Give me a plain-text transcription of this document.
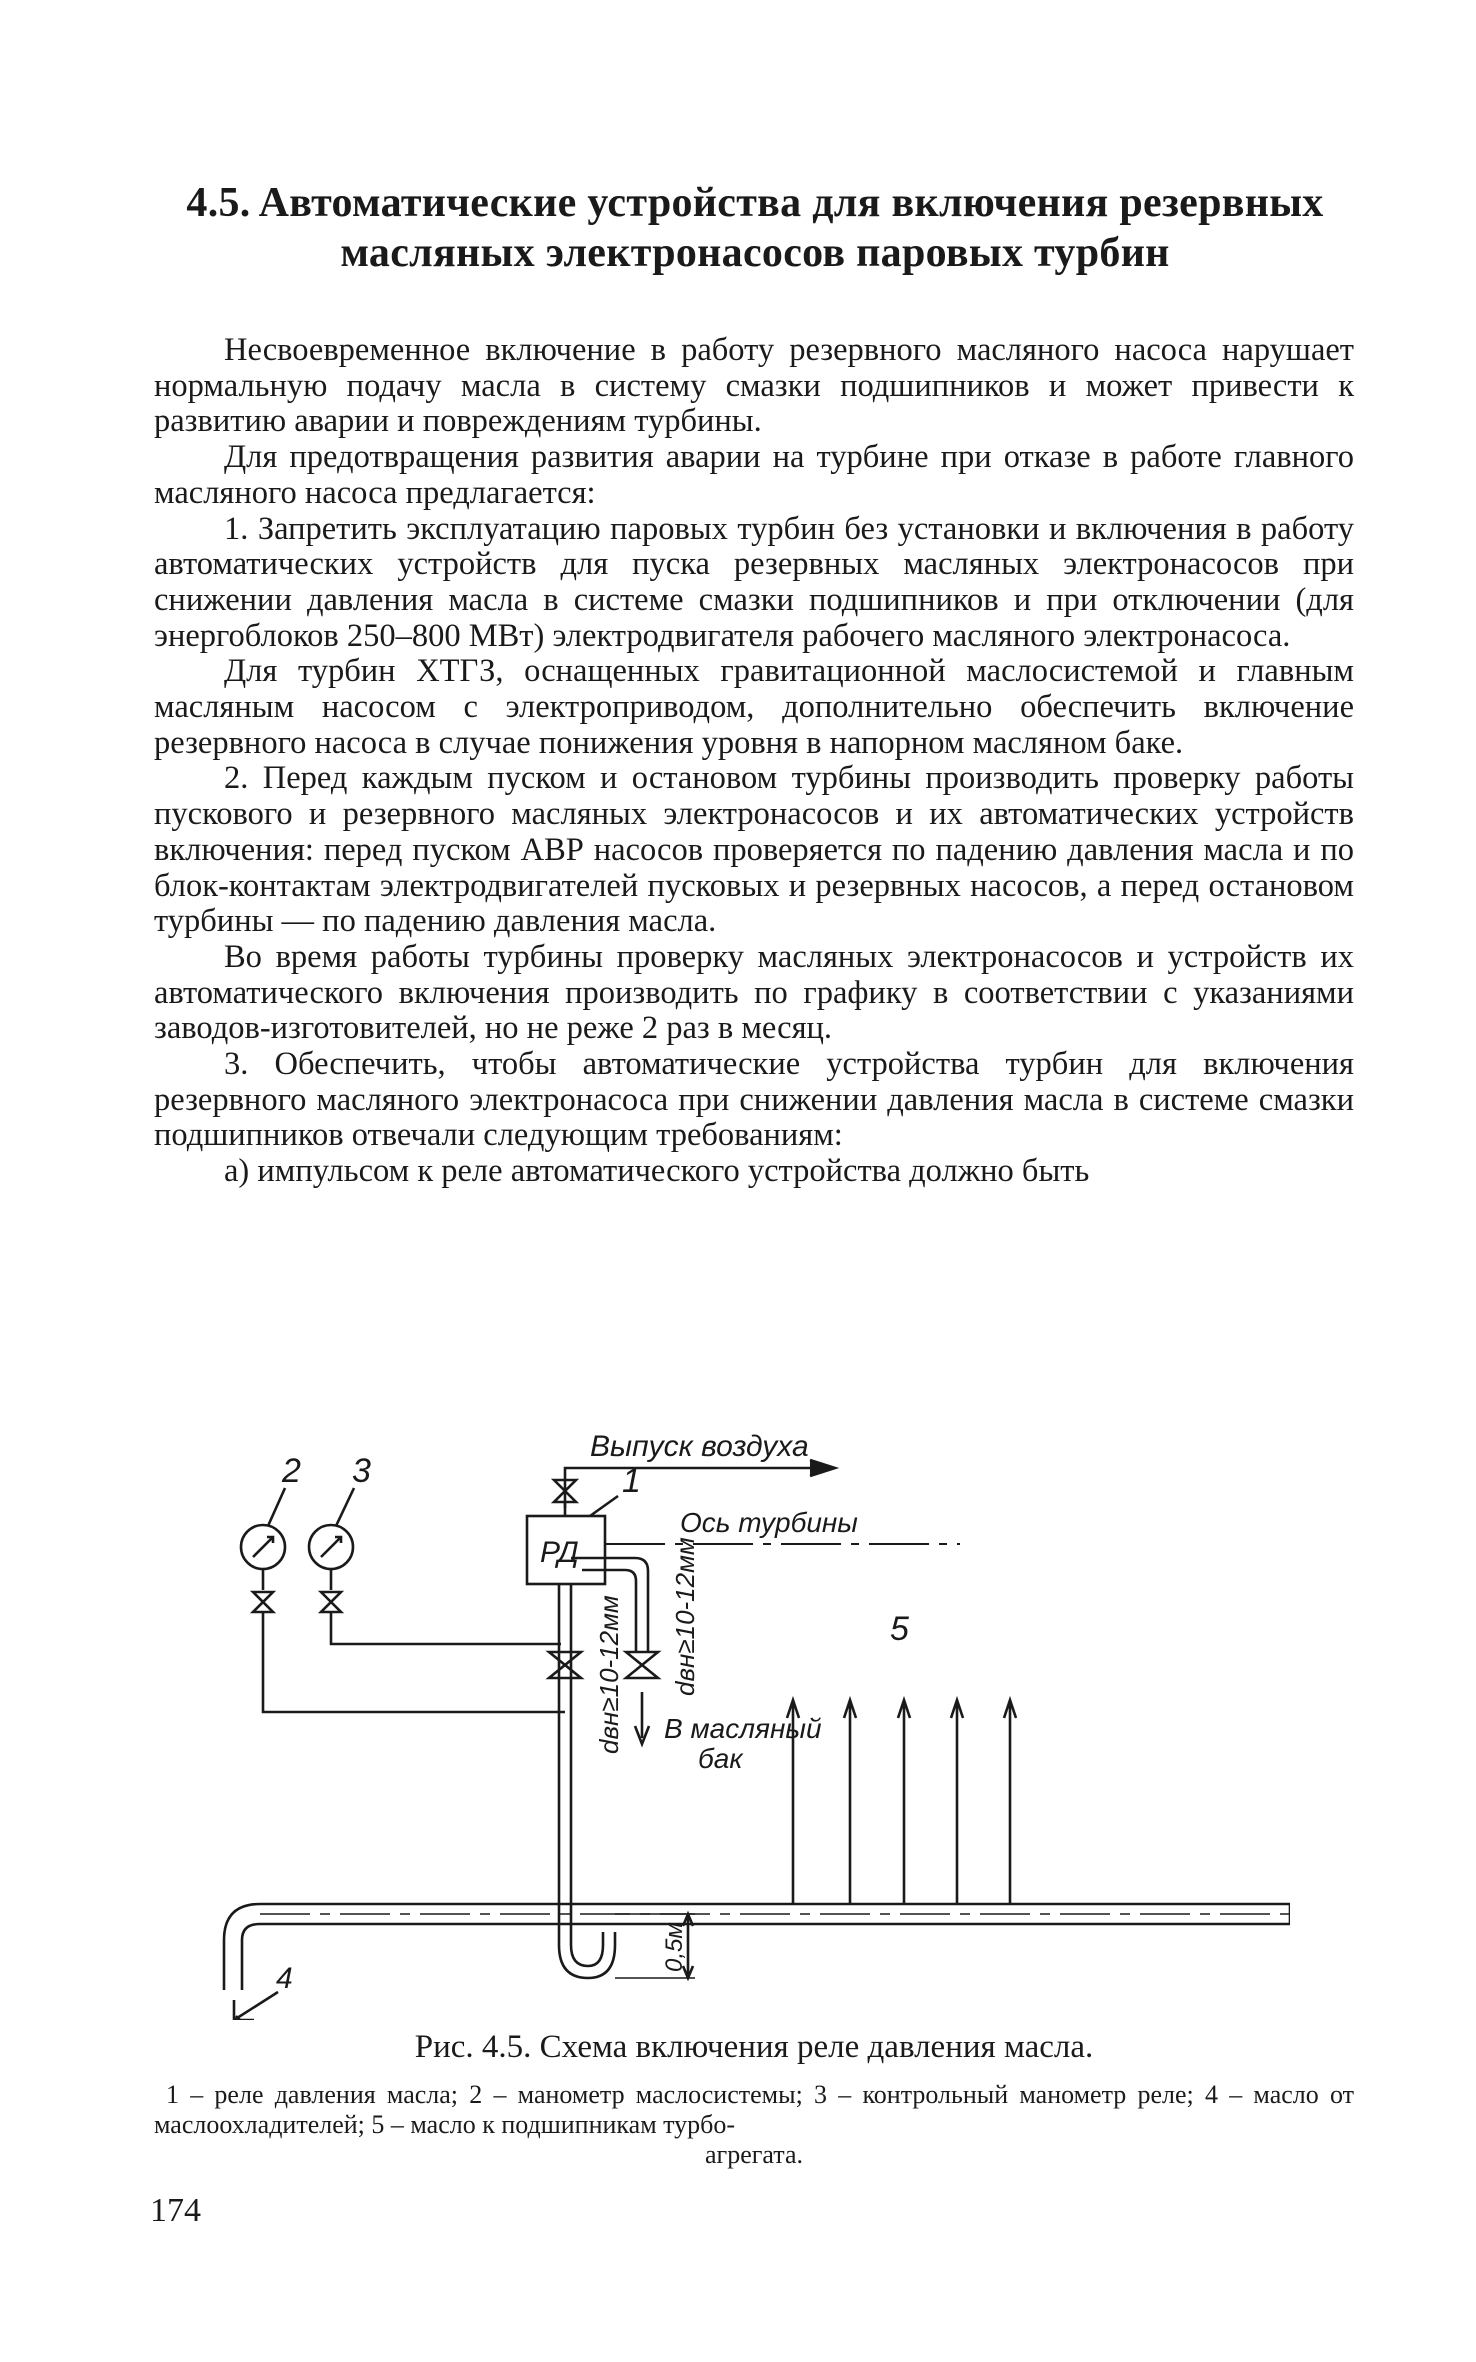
4.5. Автоматические устройства для включения резервных
масляных электронасосов паровых турбин

Несвоевременное включение в работу резервного масляного насоса нарушает нормальную подачу масла в систему смазки подшипников и может привести к развитию аварии и повреждениям турбины.

Для предотвращения развития аварии на турбине при отказе в работе главного масляного насоса предлагается:

1. Запретить эксплуатацию паровых турбин без установки и включения в работу автоматических устройств для пуска резервных масляных электронасосов при снижении давления масла в системе смазки подшипников и при отключении (для энергоблоков 250–800 МВт) электродвигателя рабочего масляного электронасоса.

Для турбин ХТГЗ, оснащенных гравитационной маслосистемой и главным масляным насосом с электроприводом, дополнительно обеспечить включение резервного насоса в случае понижения уровня в напорном масляном баке.

2. Перед каждым пуском и остановом турбины производить проверку работы пускового и резервного масляных электронасосов и их автоматических устройств включения: перед пуском АВР насосов проверяется по падению давления масла и по блок-контактам электродвигателей пусковых и резервных насосов, а перед остановом турбины — по падению давления масла.

Во время работы турбины проверку масляных электронасосов и устройств их автоматического включения производить по графику в соответствии с указаниями заводов-изготовителей, но не реже 2 раз в месяц.

3. Обеспечить, чтобы автоматические устройства турбин для включения резервного масляного электронасоса при снижении давления масла в системе смазки подшипников отвечали следующим требованиям:

а) импульсом к реле автоматического устройства должно быть

Выпуск воздуха
РД
1
Ось турбины
2 3
В масляный
бак
dвн≥10-12мм dвн≥10-12мм
4
5
0,5м
Рис. 4.5. Схема включения реле давления масла.
1 – реле давления масла; 2 – манометр маслосистемы; 3 – контрольный манометр реле; 4 – масло от маслоохладителей; 5 – масло к подшипникам турбо-
агрегата.
174
